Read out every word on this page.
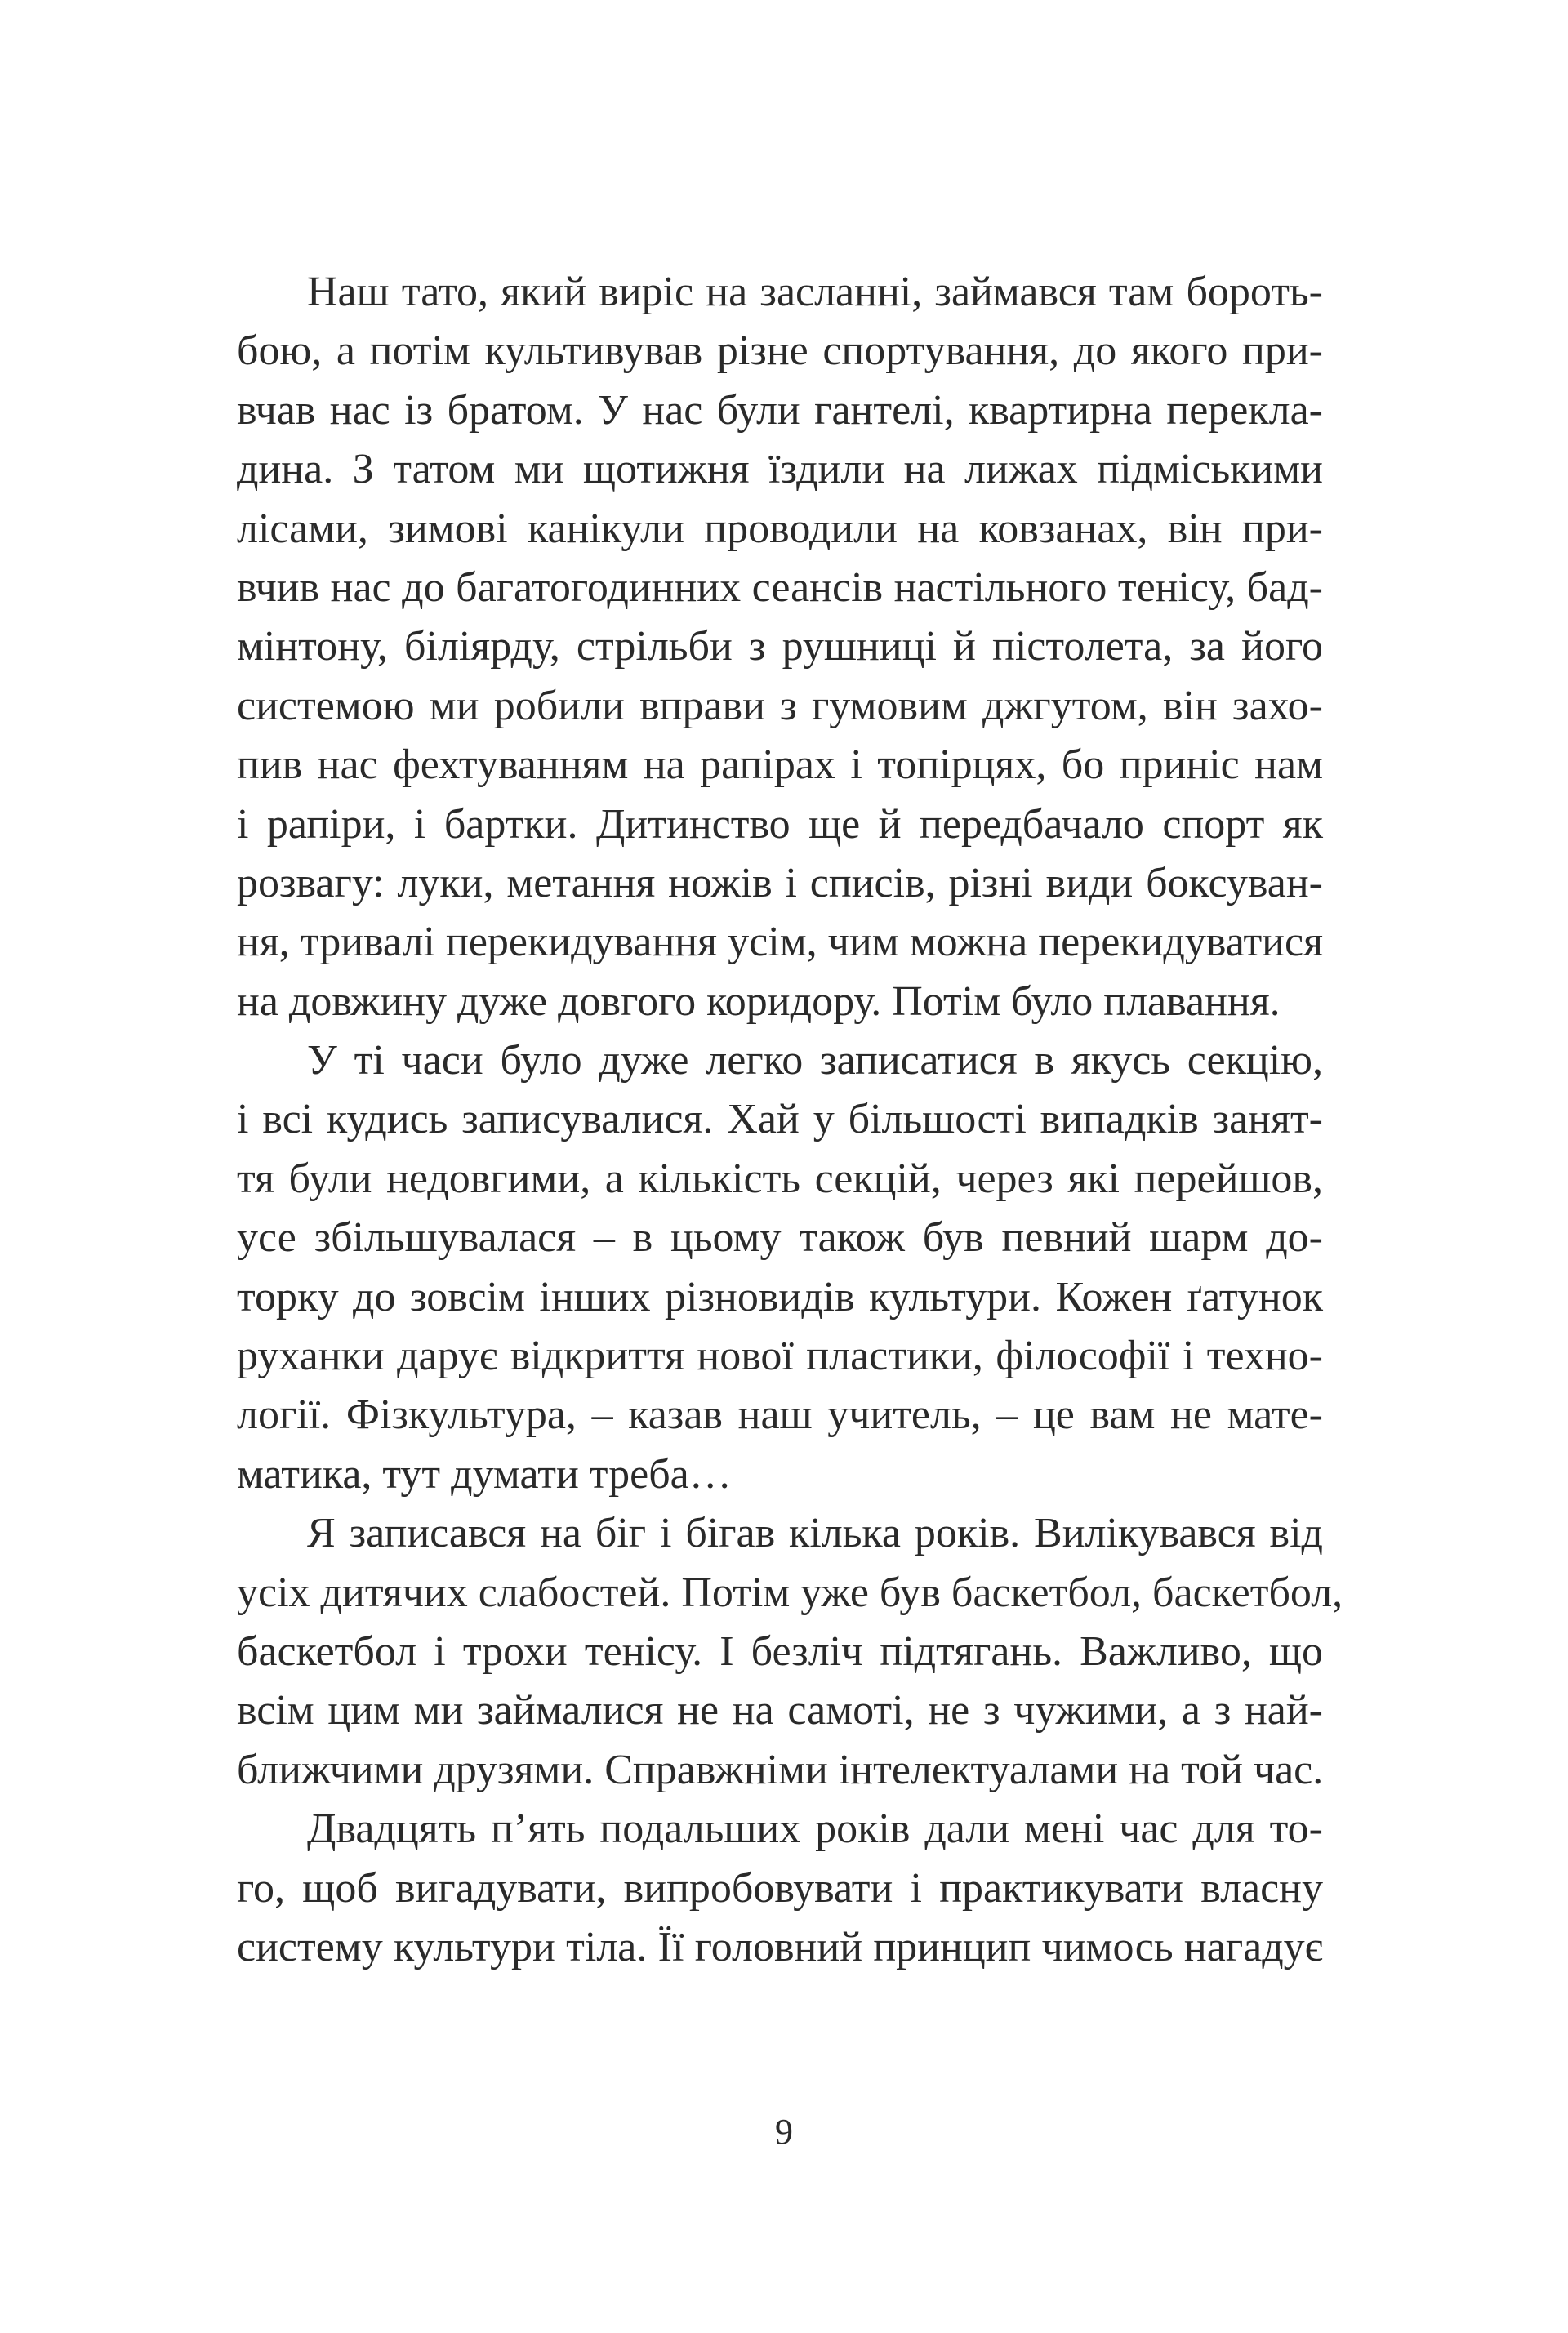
Наш тато, який виріс на засланні, займався там бороть-
бою, а потім культивував різне спортування, до якого при-
вчав нас із братом. У нас були гантелі, квартирна перекла-
дина. З татом ми щотижня їздили на лижах підміськими
лісами, зимові канікули проводили на ковзанах, він при-
вчив нас до багатогодинних сеансів настільного тенісу, бад-
мінтону, біліярду, стрільби з рушниці й пістолета, за його
системою ми робили вправи з гумовим джгутом, він захо-
пив нас фехтуванням на рапірах і топірцях, бо приніс нам
і рапіри, і бартки. Дитинство ще й передбачало спорт як
розвагу: луки, метання ножів і списів, різні види боксуван-
ня, тривалі перекидування усім, чим можна перекидуватися
на довжину дуже довгого коридору. Потім було плавання.

У ті часи було дуже легко записатися в якусь секцію,
і всі кудись записувалися. Хай у більшості випадків занят-
тя були недовгими, а кількість секцій, через які перейшов,
усе збільшувалася – в цьому також був певний шарм до-
торку до зовсім інших різновидів культури. Кожен ґатунок
руханки дарує відкриття нової пластики, філософії і техно-
логії. Фізкультура, – казав наш учитель, – це вам не мате-
матика, тут думати треба…

Я записався на біг і бігав кілька років. Вилікувався від
усіх дитячих слабостей. Потім уже був баскетбол, баскетбол,
баскетбол і трохи тенісу. І безліч підтягань. Важливо, що
всім цим ми займалися не на самоті, не з чужими, а з най-
ближчими друзями. Справжніми інтелектуалами на той час.

Двадцять п’ять подальших років дали мені час для то-
го, щоб вигадувати, випробовувати і практикувати власну
систему культури тіла. Її головний принцип чимось нагадує

9
